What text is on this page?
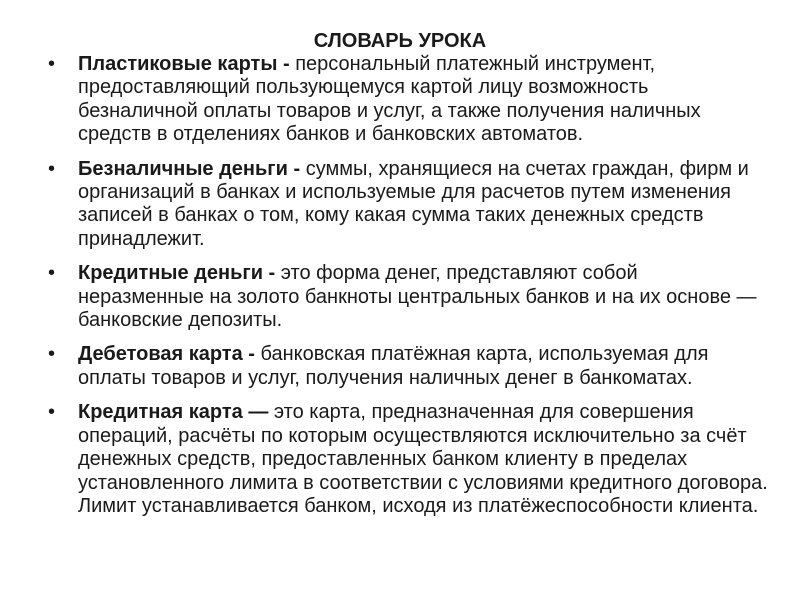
СЛОВАРЬ УРОКА
• Пластиковые карты - персональный платежный инструмент, предоставляющий пользующемуся картой лицу возможность безналичной оплаты товаров и услуг, а также получения наличных средств в отделениях банков и банковских автоматов.
• Безналичные деньги - суммы, хранящиеся на счетах граждан, фирм и организаций в банках и используемые для расчетов путем изменения записей в банках о том, кому какая сумма таких денежных средств принадлежит.
• Кредитные деньги - это форма денег, представляют собой неразменные на золото банкноты центральных банков и на их основе — банковские депозиты.
• Дебетовая карта - банковская платёжная карта, используемая для оплаты товаров и услуг, получения наличных денег в банкоматах.
• Кредитная карта — это карта, предназначенная для совершения операций, расчёты по которым осуществляются исключительно за счёт денежных средств, предоставленных банком клиенту в пределах установленного лимита в соответствии с условиями кредитного договора. Лимит устанавливается банком, исходя из платёжеспособности клиента.
